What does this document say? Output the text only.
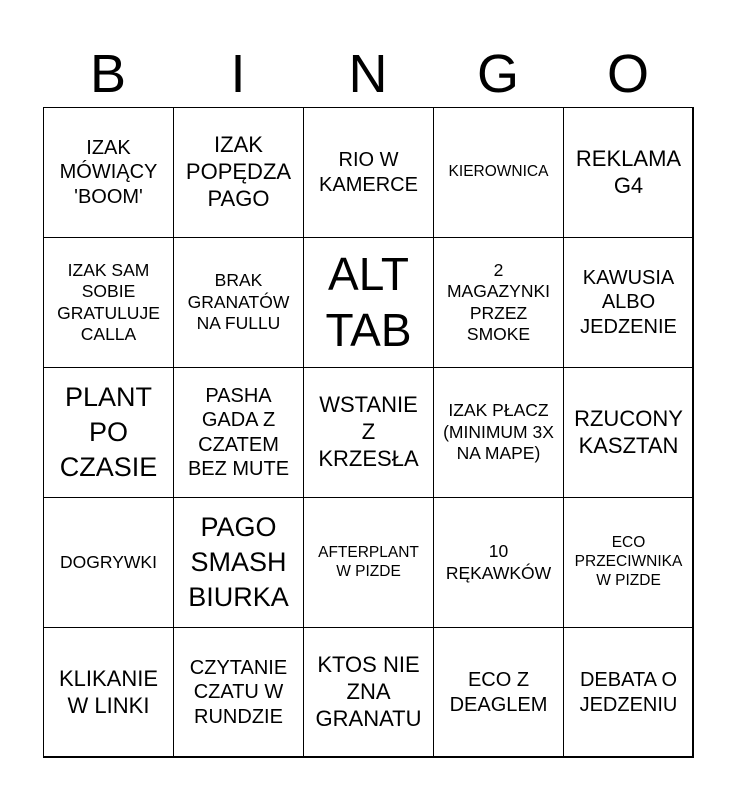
B	I	N	G	O
IZAK MÓWIĄCY 'BOOM'
IZAK POPĘDZA PAGO
RIO W KAMERCE
KIEROWNICA
REKLAMA G4
IZAK SAM SOBIE GRATULUJE CALLA
BRAK GRANATÓW NA FULLU
ALT TAB
2 MAGAZYNKI PRZEZ SMOKE
KAWUSIA ALBO JEDZENIE
PLANT PO CZASIE
PASHA GADA Z CZATEM BEZ MUTE
WSTANIE Z KRZESŁA
IZAK PŁACZ (MINIMUM 3X NA MAPE)
RZUCONY KASZTAN
DOGRYWKI
PAGO SMASH BIURKA
AFTERPLANT W PIZDE
10 RĘKAWKÓW
ECO PRZECIWNIKA W PIZDE
KLIKANIE W LINKI
CZYTANIE CZATU W RUNDZIE
KTOS NIE ZNA GRANATU
ECO Z DEAGLEM
DEBATA O JEDZENIU
